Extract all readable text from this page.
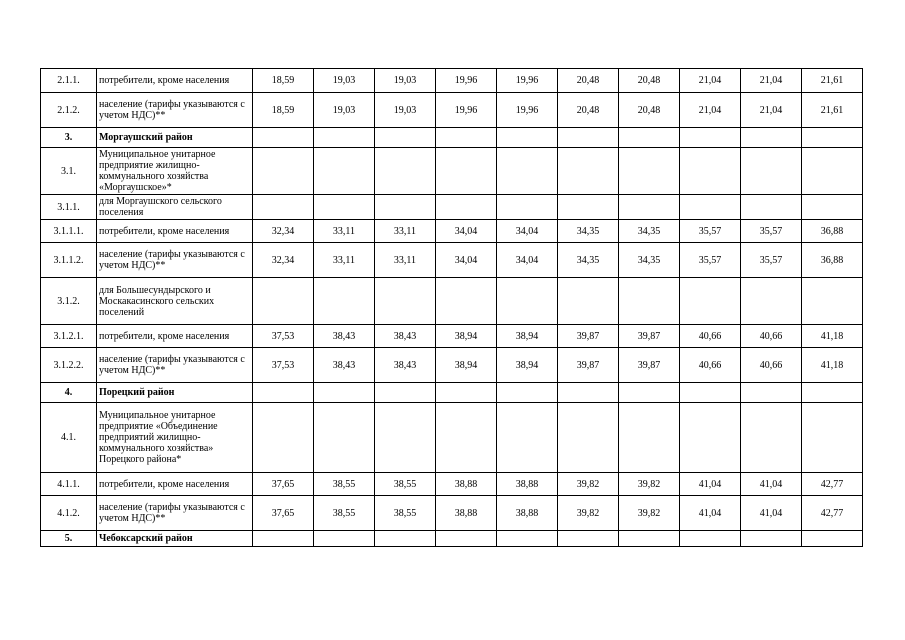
2.1.1.	потребители, кроме населения	18,59	19,03	19,03	19,96	19,96	20,48	20,48	21,04	21,04	21,61
2.1.2.	население (тарифы указываются с учетом НДС)**	18,59	19,03	19,03	19,96	19,96	20,48	20,48	21,04	21,04	21,61
3.	Моргаушский район										
3.1.	Муниципальное унитарное предприятие жилищно-коммунального хозяйства «Моргаушское»*										
3.1.1.	для Моргаушского сельского поселения										
3.1.1.1.	потребители, кроме населения	32,34	33,11	33,11	34,04	34,04	34,35	34,35	35,57	35,57	36,88
3.1.1.2.	население (тарифы указываются с учетом НДС)**	32,34	33,11	33,11	34,04	34,04	34,35	34,35	35,57	35,57	36,88
3.1.2.	для Большесундырского и Москакасинского сельских поселений										
3.1.2.1.	потребители, кроме населения	37,53	38,43	38,43	38,94	38,94	39,87	39,87	40,66	40,66	41,18
3.1.2.2.	население (тарифы указываются с учетом НДС)**	37,53	38,43	38,43	38,94	38,94	39,87	39,87	40,66	40,66	41,18
4.	Порецкий район										
4.1.	Муниципальное унитарное предприятие «Объединение предприятий жилищно-коммунального хозяйства» Порецкого района*										
4.1.1.	потребители, кроме населения	37,65	38,55	38,55	38,88	38,88	39,82	39,82	41,04	41,04	42,77
4.1.2.	население (тарифы указываются с учетом НДС)**	37,65	38,55	38,55	38,88	38,88	39,82	39,82	41,04	41,04	42,77
5.	Чебоксарский район										
